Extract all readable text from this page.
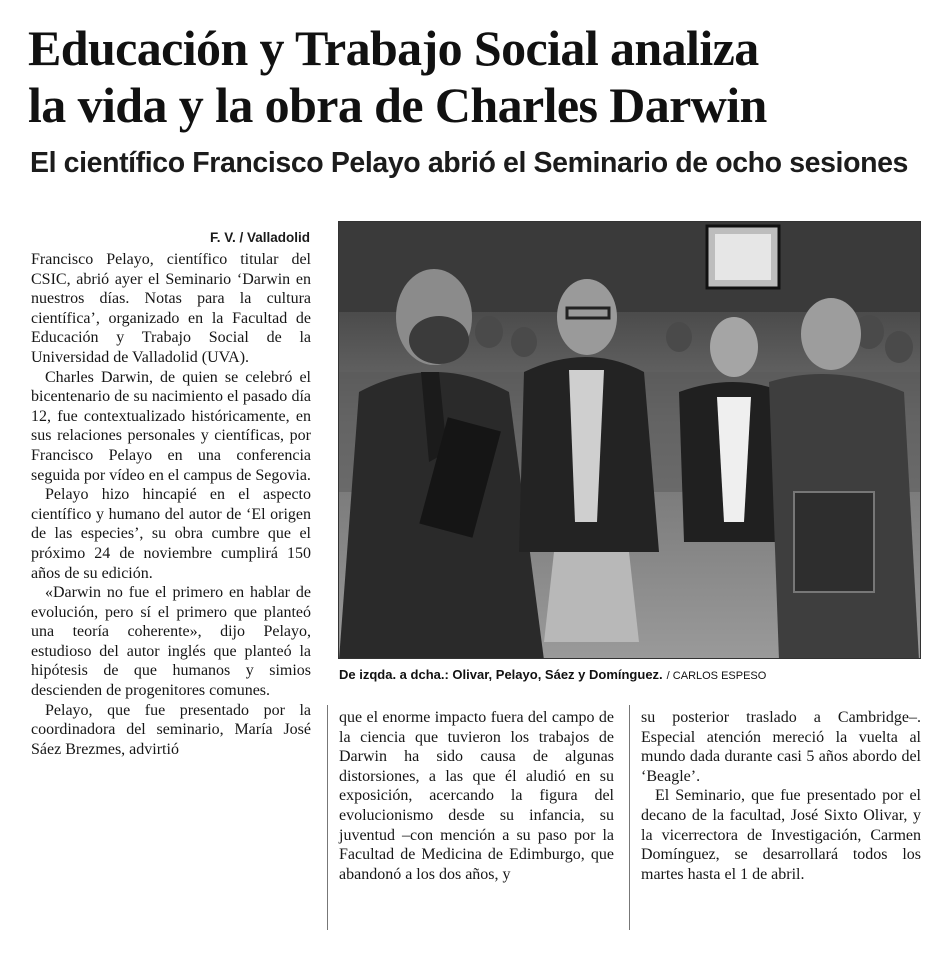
Educación y Trabajo Social analiza
la vida y la obra de Charles Darwin
El científico Francisco Pelayo abrió el Seminario de ocho sesiones
F. V. / Valladolid

Francisco Pelayo, científico titular del CSIC, abrió ayer el Seminario ‘Darwin en nuestros días. Notas para la cultura científica’, organizado en la Facultad de Educación y Trabajo Social de la Universidad de Valladolid (UVA).

Charles Darwin, de quien se celebró el bicentenario de su nacimiento el pasado día 12, fue contextualizado históricamente, en sus relaciones personales y científicas, por Francisco Pelayo en una conferencia seguida por vídeo en el campus de Segovia.

Pelayo hizo hincapié en el aspecto científico y humano del autor de ‘El origen de las especies’, su obra cumbre que el próximo 24 de noviembre cumplirá 150 años de su edición.

«Darwin no fue el primero en hablar de evolución, pero sí el primero que planteó una teoría coherente», dijo Pelayo, estudioso del autor inglés que planteó la hipótesis de que humanos y simios descienden de progenitores comunes.

Pelayo, que fue presentado por la coordinadora del seminario, María José Sáez Brezmes, advirtió

De izqda. a dcha.: Olivar, Pelayo, Sáez y Domínguez. / CARLOS ESPESO

que el enorme impacto fuera del campo de la ciencia que tuvieron los trabajos de Darwin ha sido causa de algunas distorsiones, a las que él aludió en su exposición, acercando la figura del evolucionismo desde su infancia, su juventud –con mención a su paso por la Facultad de Medicina de Edimburgo, que abandonó a los dos años, y

su posterior traslado a Cambridge–. Especial atención mereció la vuelta al mundo dada durante casi 5 años abordo del ‘Beagle’.

El Seminario, que fue presentado por el decano de la facultad, José Sixto Olivar, y la vicerrectora de Investigación, Carmen Domínguez, se desarrollará todos los martes hasta el 1 de abril.
